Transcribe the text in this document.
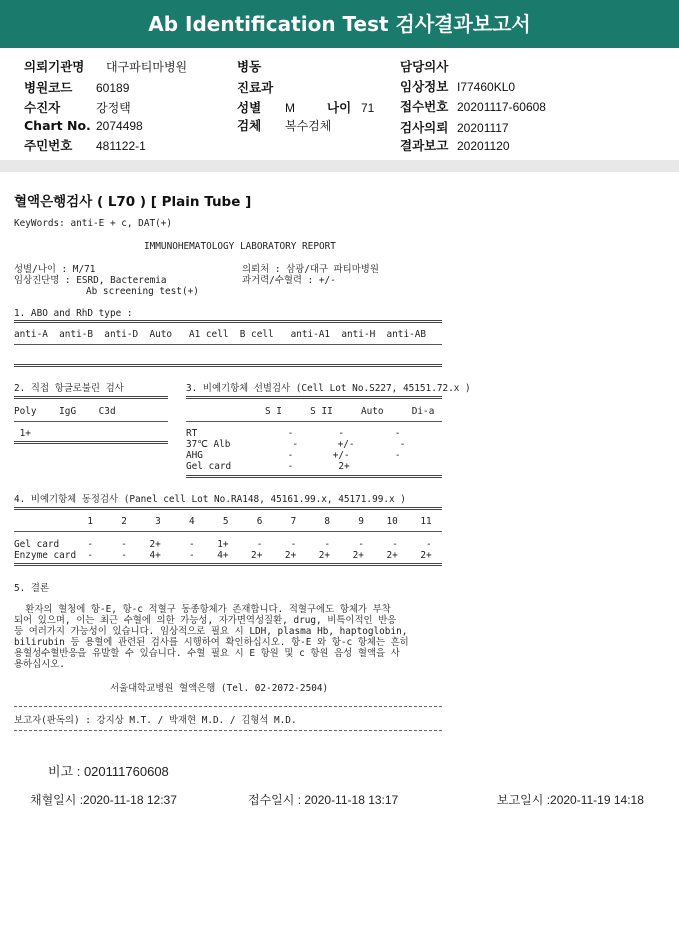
Ab Identification Test 검사결과보고서
의뢰기관명 대구파티마병원
병원코드 60189
수진자	강정택
Chart No. 2074498
주민번호 481122-1
병동
진료과
성별 M	나이 71
검체 복수검체
담당의사
임상정보 I77460KL0
접수번호 20201117-60608
검사의뢰 20201117
결과보고 20201120
혈액은행검사 ( L70 ) [ Plain Tube ]
KeyWords: anti-E + c, DAT(+)
IMMUNOHEMATOLOGY LABORATORY REPORT
성별/나이 : M/71
임상진단명 : ESRD, Bacteremia
Ab screening test(+)
의뢰처 : 삼광/대구 파티마병원
과거력/수혈력 : +/-
1. ABO and RhD type :
anti-A  anti-B  anti-D  Auto   A1 cell  B cell   anti-A1  anti-H  anti-AB
2. 직접 항글로불린 검사
Poly    IgG    C3d
1+
3. 비예기항체 선별검사 (Cell Lot No.S227, 45151.72.x )
S I     S II     Auto     Di-a
RT                -        -         -
37℃ Alb           -       +/-        -
AHG               -       +/-        -
Gel card          -        2+
4. 비예기항체 동정검사 (Panel cell Lot No.RA148, 45161.99.x, 45171.99.x )
1     2     3     4     5     6     7     8     9    10    11
Gel card     -     -    2+     -    1+     -     -     -     -     -     -
Enzyme card  -     -    4+     -    4+    2+    2+    2+    2+    2+    2+
5. 결론
환자의 혈청에 항-E, 항-c 적혈구 동종항체가 존재합니다. 적혈구에도 항체가 부착
되어 있으며, 이는 최근 수혈에 의한 가능성, 자가면역성질환, drug, 비특이적인 반응
등 여러가지 가능성이 있습니다. 임상적으로 필요 시 LDH, plasma Hb, haptoglobin,
bilirubin 등 용혈에 관련된 검사를 시행하여 확인하십시오. 항-E 와 항-c 항체는 흔히
용혈성수혈반응을 유발할 수 있습니다. 수혈 필요 시 E 항원 및 c 항원 음성 혈액을 사
용하십시오.
서울대학교병원 혈액은행 (Tel. 02-2072-2504)
보고자(판독의) : 강지상 M.T. / 박재현 M.D. / 김형석 M.D.
비고 : 020111760608
채혈일시 :2020-11-18 12:37	접수일시 : 2020-11-18 13:17	보고일시 :2020-11-19 14:18
